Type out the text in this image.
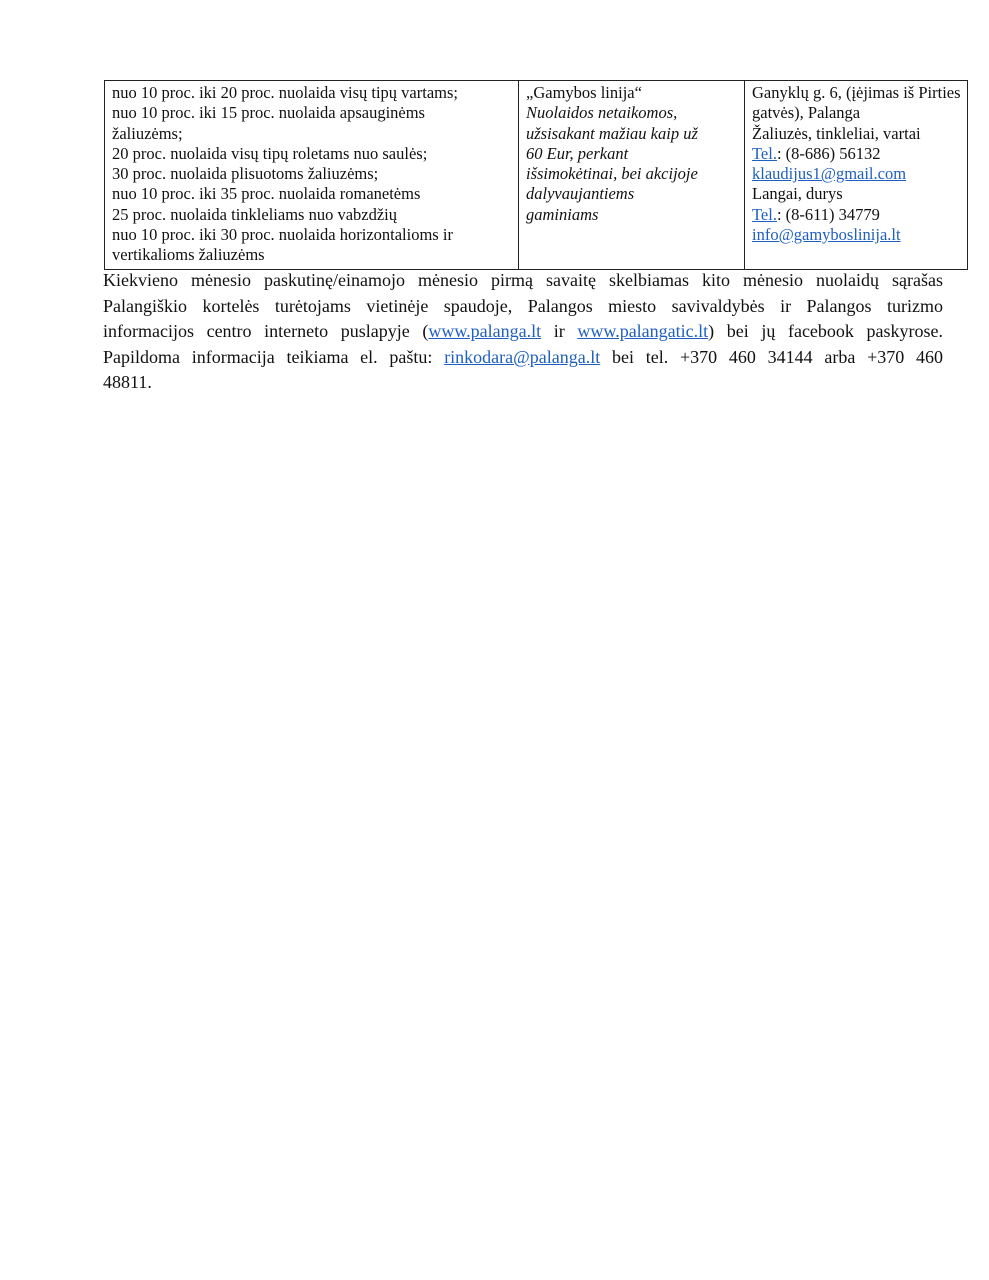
nuo 10 proc. iki 20 proc. nuolaida visų tipų vartams;
nuo 10 proc. iki 15 proc. nuolaida apsauginėms
žaliuzėms;
20 proc. nuolaida visų tipų roletams nuo saulės;
30 proc. nuolaida plisuotoms žaliuzėms;
nuo 10 proc. iki 35 proc. nuolaida romanetėms
25 proc. nuolaida tinkleliams nuo vabzdžių
nuo 10 proc. iki 30 proc. nuolaida horizontalioms ir
vertikalioms žaliuzėms

„Gamybos linija“
Nuolaidos netaikomos,
užsisakant mažiau kaip už
60 Eur, perkant
išsimokėtinai, bei akcijoje
dalyvaujantiems
gaminiams

Ganyklų g. 6, (įėjimas iš Pirties
gatvės), Palanga
Žaliuzės, tinkleliai, vartai
Tel.: (8-686) 56132
klaudijus1@gmail.com
Langai, durys
Tel.: (8-611) 34779
info@gamyboslinija.lt
Kiekvieno mėnesio paskutinę/einamojo mėnesio pirmą savaitę skelbiamas kito mėnesio nuolaidų sąrašas
Palangiškio kortelės turėtojams vietinėje spaudoje, Palangos miesto savivaldybės ir Palangos turizmo
informacijos centro interneto puslapyje (www.palanga.lt ir www.palangatic.lt) bei jų facebook paskyrose.
Papildoma informacija teikiama el. paštu: rinkodara@palanga.lt bei tel. +370 460 34144 arba +370 460
48811.
